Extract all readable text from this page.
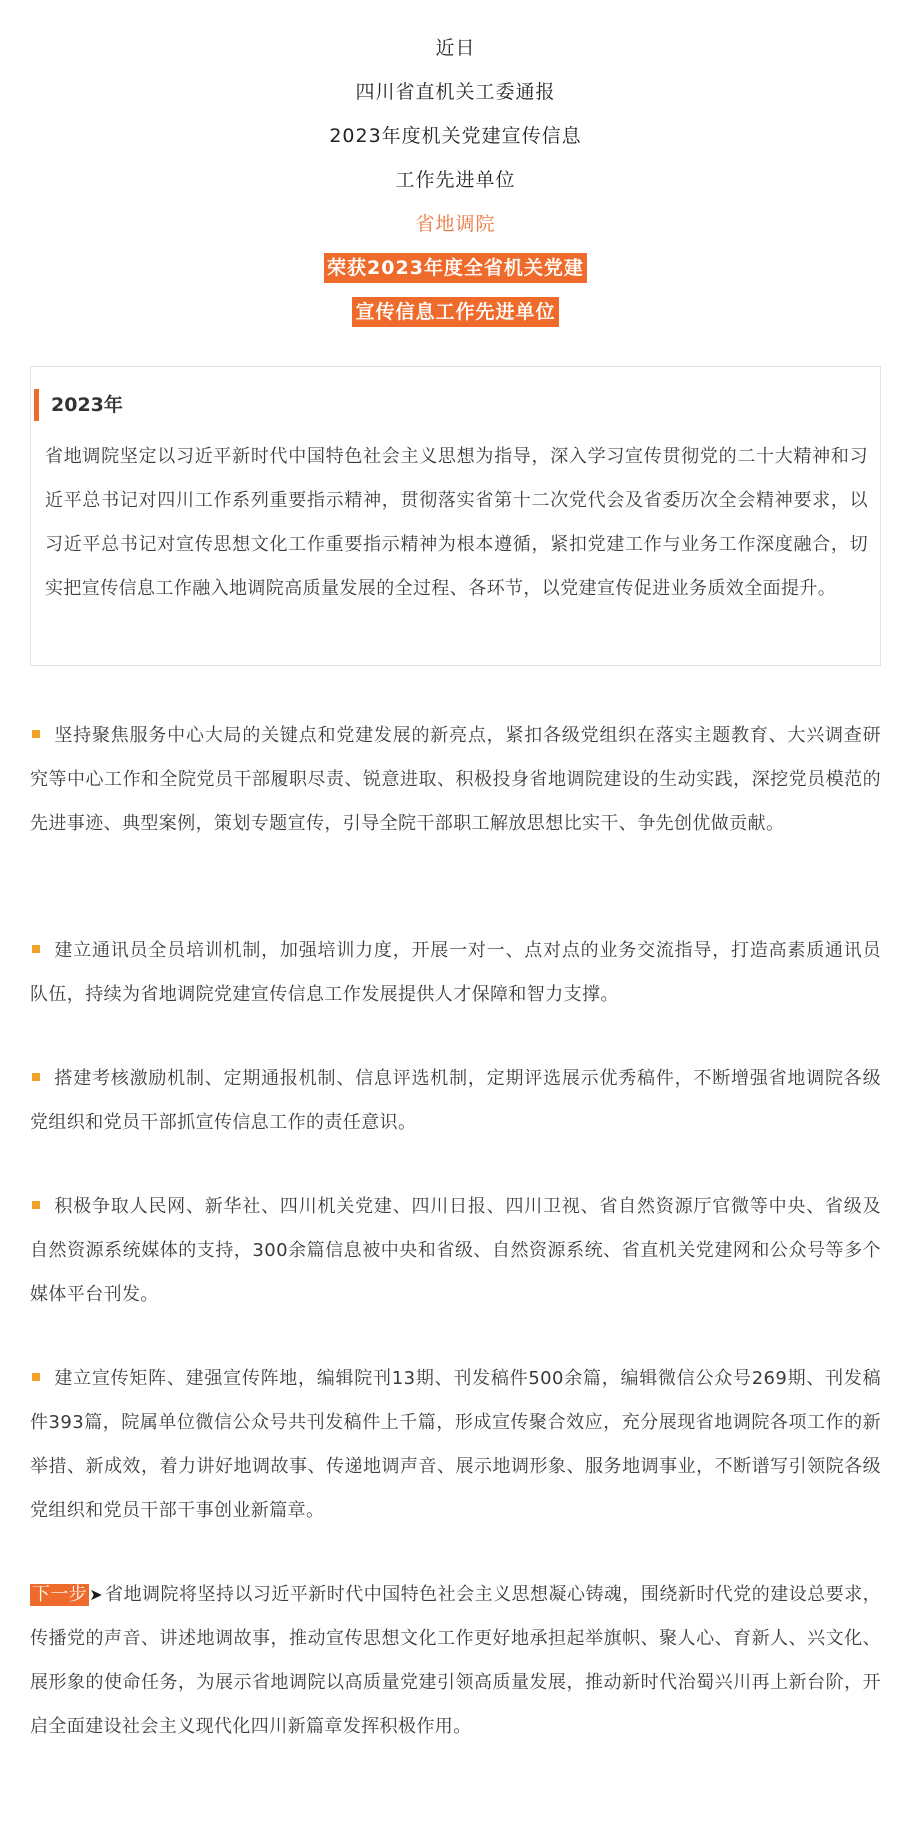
近日
四川省直机关工委通报
2023年度机关党建宣传信息
工作先进单位
省地调院
荣获2023年度全省机关党建
宣传信息工作先进单位
2023年
省地调院坚定以习近平新时代中国特色社会主义思想为指导，深入学习宣传贯彻党的二十大精神和习近平总书记对四川工作系列重要指示精神，贯彻落实省第十二次党代会及省委历次全会精神要求，以习近平总书记对宣传思想文化工作重要指示精神为根本遵循，紧扣党建工作与业务工作深度融合，切实把宣传信息工作融入地调院高质量发展的全过程、各环节，以党建宣传促进业务质效全面提升。
坚持聚焦服务中心大局的关键点和党建发展的新亮点，紧扣各级党组织在落实主题教育、大兴调查研究等中心工作和全院党员干部履职尽责、锐意进取、积极投身省地调院建设的生动实践，深挖党员模范的先进事迹、典型案例，策划专题宣传，引导全院干部职工解放思想比实干、争先创优做贡献。
建立通讯员全员培训机制，加强培训力度，开展一对一、点对点的业务交流指导，打造高素质通讯员队伍，持续为省地调院党建宣传信息工作发展提供人才保障和智力支撑。
搭建考核激励机制、定期通报机制、信息评选机制，定期评选展示优秀稿件，不断增强省地调院各级党组织和党员干部抓宣传信息工作的责任意识。
积极争取人民网、新华社、四川机关党建、四川日报、四川卫视、省自然资源厅官微等中央、省级及自然资源系统媒体的支持，300余篇信息被中央和省级、自然资源系统、省直机关党建网和公众号等多个媒体平台刊发。
建立宣传矩阵、建强宣传阵地，编辑院刊13期、刊发稿件500余篇，编辑微信公众号269期、刊发稿件393篇，院属单位微信公众号共刊发稿件上千篇，形成宣传聚合效应，充分展现省地调院各项工作的新举措、新成效，着力讲好地调故事、传递地调声音、展示地调形象、服务地调事业，不断谱写引领院各级党组织和党员干部干事创业新篇章。
下一步 ➤ 省地调院将坚持以习近平新时代中国特色社会主义思想凝心铸魂，围绕新时代党的建设总要求，传播党的声音、讲述地调故事，推动宣传思想文化工作更好地承担起举旗帜、聚人心、育新人、兴文化、展形象的使命任务，为展示省地调院以高质量党建引领高质量发展，推动新时代治蜀兴川再上新台阶，开启全面建设社会主义现代化四川新篇章发挥积极作用。
